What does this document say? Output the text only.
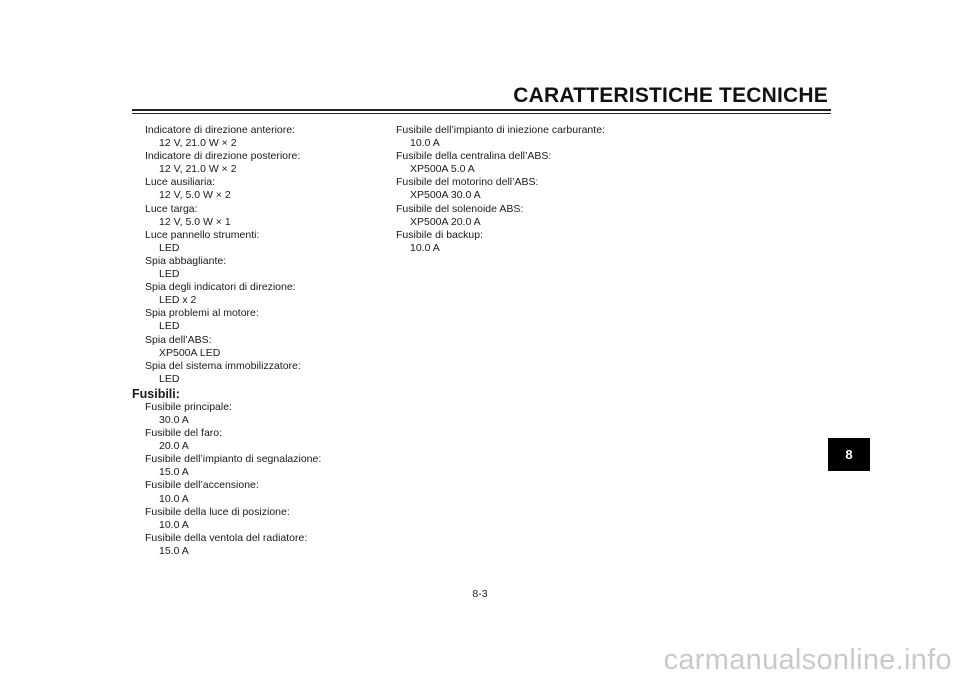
CARATTERISTICHE TECNICHE
Indicatore di direzione anteriore:
12 V, 21.0 W × 2
Indicatore di direzione posteriore:
12 V, 21.0 W × 2
Luce ausiliaria:
12 V, 5.0 W × 2
Luce targa:
12 V, 5.0 W × 1
Luce pannello strumenti:
LED
Spia abbagliante:
LED
Spia degli indicatori di direzione:
LED x 2
Spia problemi al motore:
LED
Spia dell’ABS:
XP500A LED
Spia del sistema immobilizzatore:
LED
Fusibili:
Fusibile principale:
30.0 A
Fusibile del faro:
20.0 A
Fusibile dell’impianto di segnalazione:
15.0 A
Fusibile dell’accensione:
10.0 A
Fusibile della luce di posizione:
10.0 A
Fusibile della ventola del radiatore:
15.0 A
Fusibile dell’impianto di iniezione carburante:
10.0 A
Fusibile della centralina dell’ABS:
XP500A 5.0 A
Fusibile del motorino dell’ABS:
XP500A 30.0 A
Fusibile del solenoide ABS:
XP500A 20.0 A
Fusibile di backup:
10.0 A
8
8-3
carmanualsonline.info
